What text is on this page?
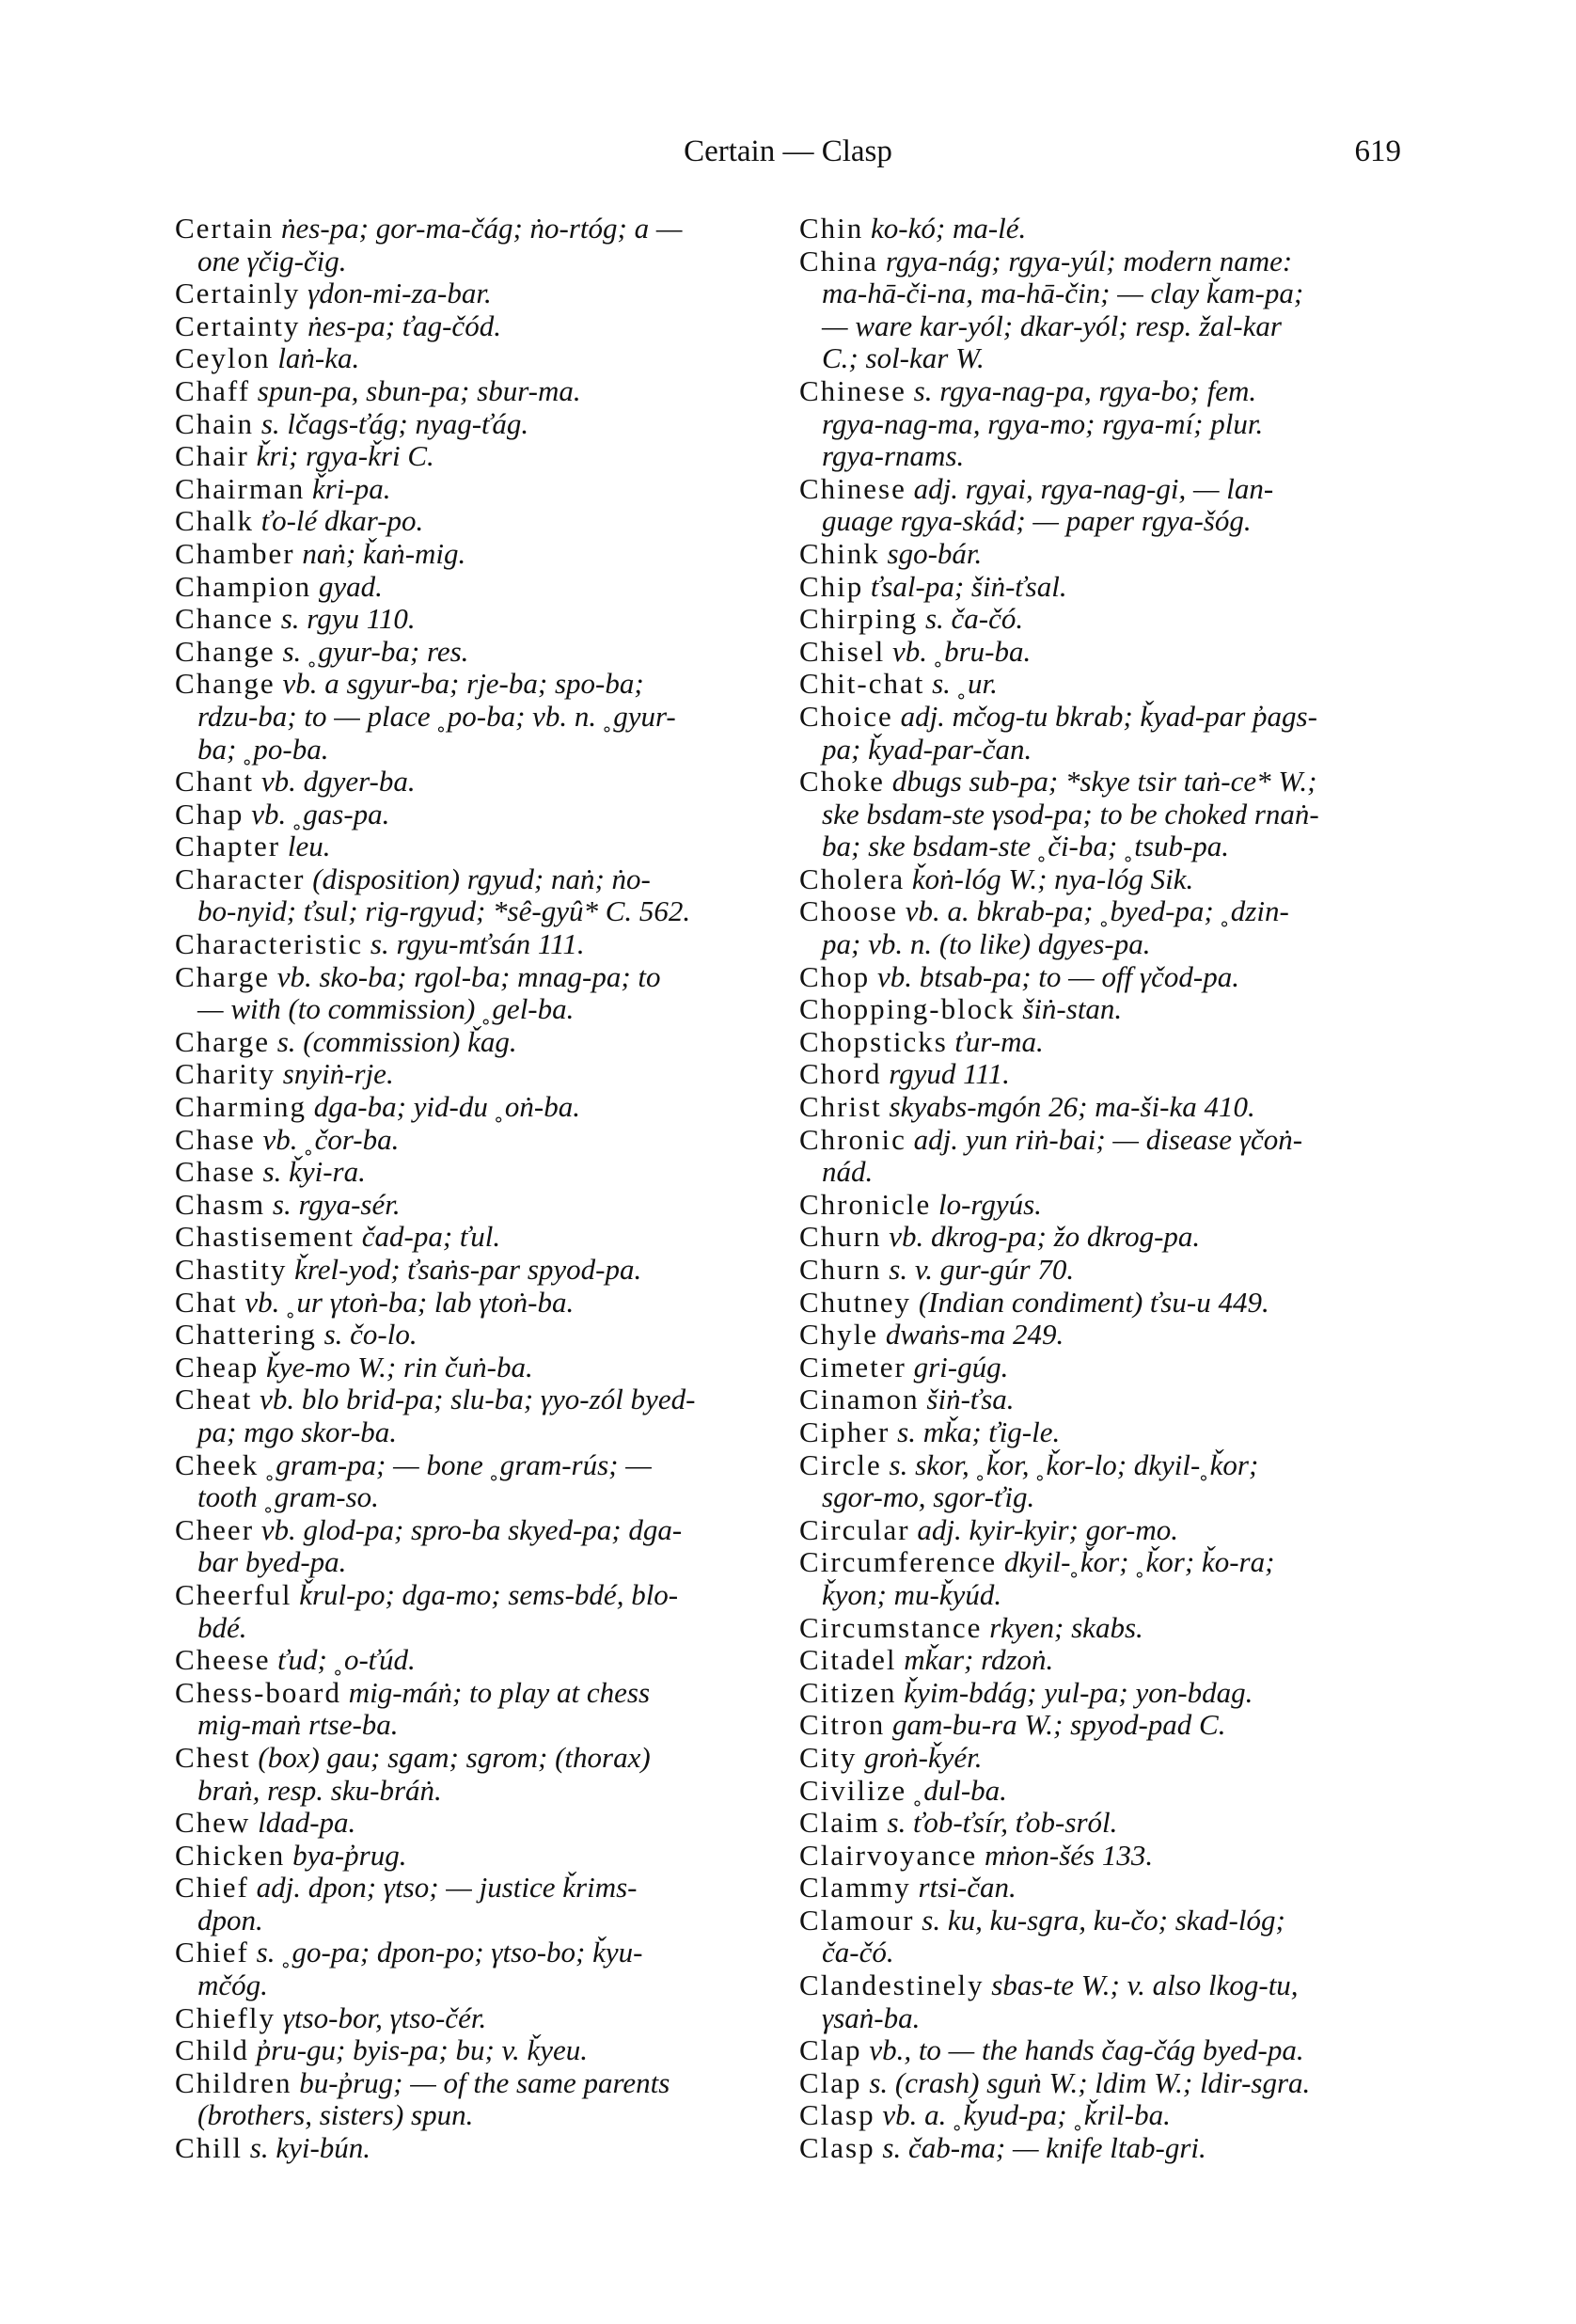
Certain — Clasp	619
Certain ṅes-pa; gor-ma-čág; ṅo-rtóg; a —
one γčig-čig.
Certainly γdon-mi-za-bar.
Certainty ṅes-pa; ťag-čód.
Ceylon laṅ-ka.
Chaff spun-pa, sbun-pa; sbur-ma.
Chain s. lčags-ťág; nyag-ťág.
Chair ǩri; rgya-ǩri C.
Chairman ǩri-pa.
Chalk ťo-lé dkar-po.
Chamber naṅ; ǩaṅ-mig.
Champion gyad.
Chance s. rgyu 110.
Change s. ˳gyur-ba; res.
Change vb. a sgyur-ba; rje-ba; spo-ba;
rdzu-ba; to — place ˳po-ba; vb. n. ˳gyur-
ba; ˳po-ba.
Chant vb. dgyer-ba.
Chap vb. ˳gas-pa.
Chapter leu.
Character (disposition) rgyud; naṅ; ṅo-
bo-nyid; ťsul; rig-rgyud; *sê-gyû* C. 562.
Characteristic s. rgyu-mťsán 111.
Charge vb. sko-ba; rgol-ba; mnag-pa; to
— with (to commission) ˳gel-ba.
Charge s. (commission) ǩag.
Charity snyiṅ-rje.
Charming dga-ba; yid-du ˳oṅ-ba.
Chase vb. ˳čor-ba.
Chase s. ǩyi-ra.
Chasm s. rgya-sér.
Chastisement čad-pa; ťul.
Chastity ǩrel-yod; ťsaṅs-par spyod-pa.
Chat vb. ˳ur γtoṅ-ba; lab γtoṅ-ba.
Chattering s. čo-lo.
Cheap ǩye-mo W.; rin čuṅ-ba.
Cheat vb. blo brid-pa; slu-ba; γyo-zól byed-
pa; mgo skor-ba.
Cheek ˳gram-pa; — bone ˳gram-rús; —
tooth ˳gram-so.
Cheer vb. glod-pa; spro-ba skyed-pa; dga-
bar byed-pa.
Cheerful ǩrul-po; dga-mo; sems-bdé, blo-
bdé.
Cheese ťud; ˳o-ťúd.
Chess-board mig-máṅ; to play at chess
mig-maṅ rtse-ba.
Chest (box) gau; sgam; sgrom; (thorax)
braṅ, resp. sku-bráṅ.
Chew ldad-pa.
Chicken bya-p̓rug.
Chief adj. dpon; γtso; — justice ǩrims-
dpon.
Chief s. ˳go-pa; dpon-po; γtso-bo; ǩyu-
mčóg.
Chiefly γtso-bor, γtso-čér.
Child p̓ru-gu; byis-pa; bu; v. ǩyeu.
Children bu-p̓rug; — of the same parents
(brothers, sisters) spun.
Chill s. kyi-bún.
Chin ko-kó; ma-lé.
China rgya-nág; rgya-yúl; modern name:
ma-hā-či-na, ma-hā-čin; — clay ǩam-pa;
— ware kar-yól; dkar-yól; resp. žal-kar
C.; sol-kar W.
Chinese s. rgya-nag-pa, rgya-bo; fem.
rgya-nag-ma, rgya-mo; rgya-mí; plur.
rgya-rnams.
Chinese adj. rgyai, rgya-nag-gi, — lan-
guage rgya-skád; — paper rgya-šóg.
Chink sgo-bár.
Chip ťsal-pa; šiṅ-ťsal.
Chirping s. ča-čó.
Chisel vb. ˳bru-ba.
Chit-chat s. ˳ur.
Choice adj. mčog-tu bkrab; ǩyad-par p̓ags-
pa; ǩyad-par-čan.
Choke dbugs sub-pa; *skye tsir taṅ-ce* W.;
ske bsdam-ste γsod-pa; to be choked rnaṅ-
ba; ske bsdam-ste ˳či-ba; ˳tsub-pa.
Cholera ǩoṅ-lóg W.; nya-lóg Sik.
Choose vb. a. bkrab-pa; ˳byed-pa; ˳dzin-
pa; vb. n. (to like) dgyes-pa.
Chop vb. btsab-pa; to — off γčod-pa.
Chopping-block šiṅ-stan.
Chopsticks ťur-ma.
Chord rgyud 111.
Christ skyabs-mgón 26; ma-ši-ka 410.
Chronic adj. yun riṅ-bai; — disease γčoṅ-
nád.
Chronicle lo-rgyús.
Churn vb. dkrog-pa; žo dkrog-pa.
Churn s. v. gur-gúr 70.
Chutney (Indian condiment) ťsu-u 449.
Chyle dwaṅs-ma 249.
Cimeter gri-gúg.
Cinamon šiṅ-ťsa.
Cipher s. mǩa; ťig-le.
Circle s. skor, ˳ǩor, ˳ǩor-lo; dkyil-˳ǩor;
sgor-mo, sgor-ťig.
Circular adj. kyir-kyir; gor-mo.
Circumference dkyil-˳ǩor; ˳ǩor; ǩo-ra;
ǩyon; mu-ǩyúd.
Circumstance rkyen; skabs.
Citadel mǩar; rdzoṅ.
Citizen ǩyim-bdág; yul-pa; yon-bdag.
Citron gam-bu-ra W.; spyod-pad C.
City groṅ-ǩyér.
Civilize ˳dul-ba.
Claim s. ťob-ťsír, ťob-sról.
Clairvoyance mṅon-šés 133.
Clammy rtsi-čan.
Clamour s. ku, ku-sgra, ku-čo; skad-lóg;
ča-čó.
Clandestinely sbas-te W.; v. also lkog-tu,
γsaṅ-ba.
Clap vb., to — the hands čag-čág byed-pa.
Clap s. (crash) sguṅ W.; ldim W.; ldir-sgra.
Clasp vb. a. ˳ǩyud-pa; ˳ǩril-ba.
Clasp s. čab-ma; — knife ltab-gri.
